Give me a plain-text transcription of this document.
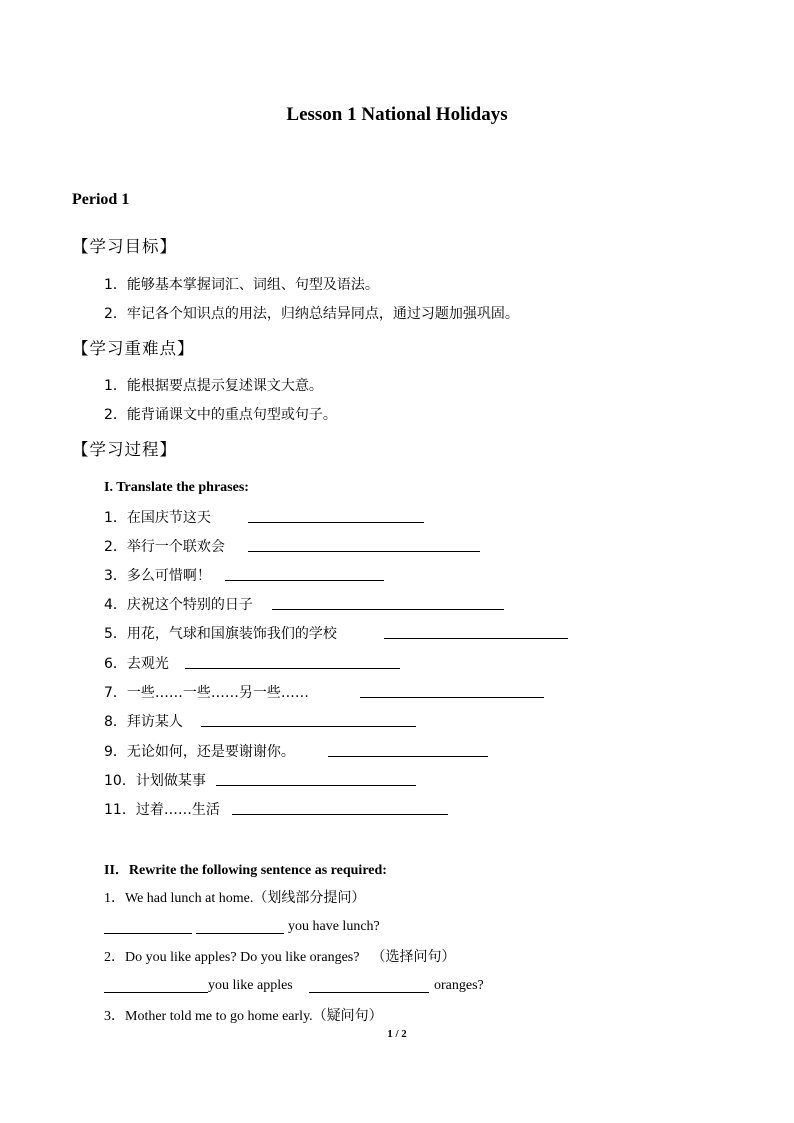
Lesson 1 National Holidays
Period 1
【学习目标】
1．能够基本掌握词汇、词组、句型及语法。
2．牢记各个知识点的用法，归纳总结异同点，通过习题加强巩固。
【学习重难点】
1．能根据要点提示复述课文大意。
2．能背诵课文中的重点句型或句子。
【学习过程】
I. Translate the phrases:
1．在国庆节这天
2．举行一个联欢会
3．多么可惜啊！
4．庆祝这个特别的日子
5．用花，气球和国旗装饰我们的学校
6．去观光
7．一些……一些……另一些……
8．拜访某人
9．无论如何，还是要谢谢你。
10．计划做某事
11．过着……生活
II．Rewrite the following sentence as required:
1．We had lunch at home.（划线部分提问）
you have lunch?
2．Do you like apples? Do you like oranges? （选择问句）
you like apples	oranges?
3．Mother told me to go home early.（疑问句）
1 / 2
